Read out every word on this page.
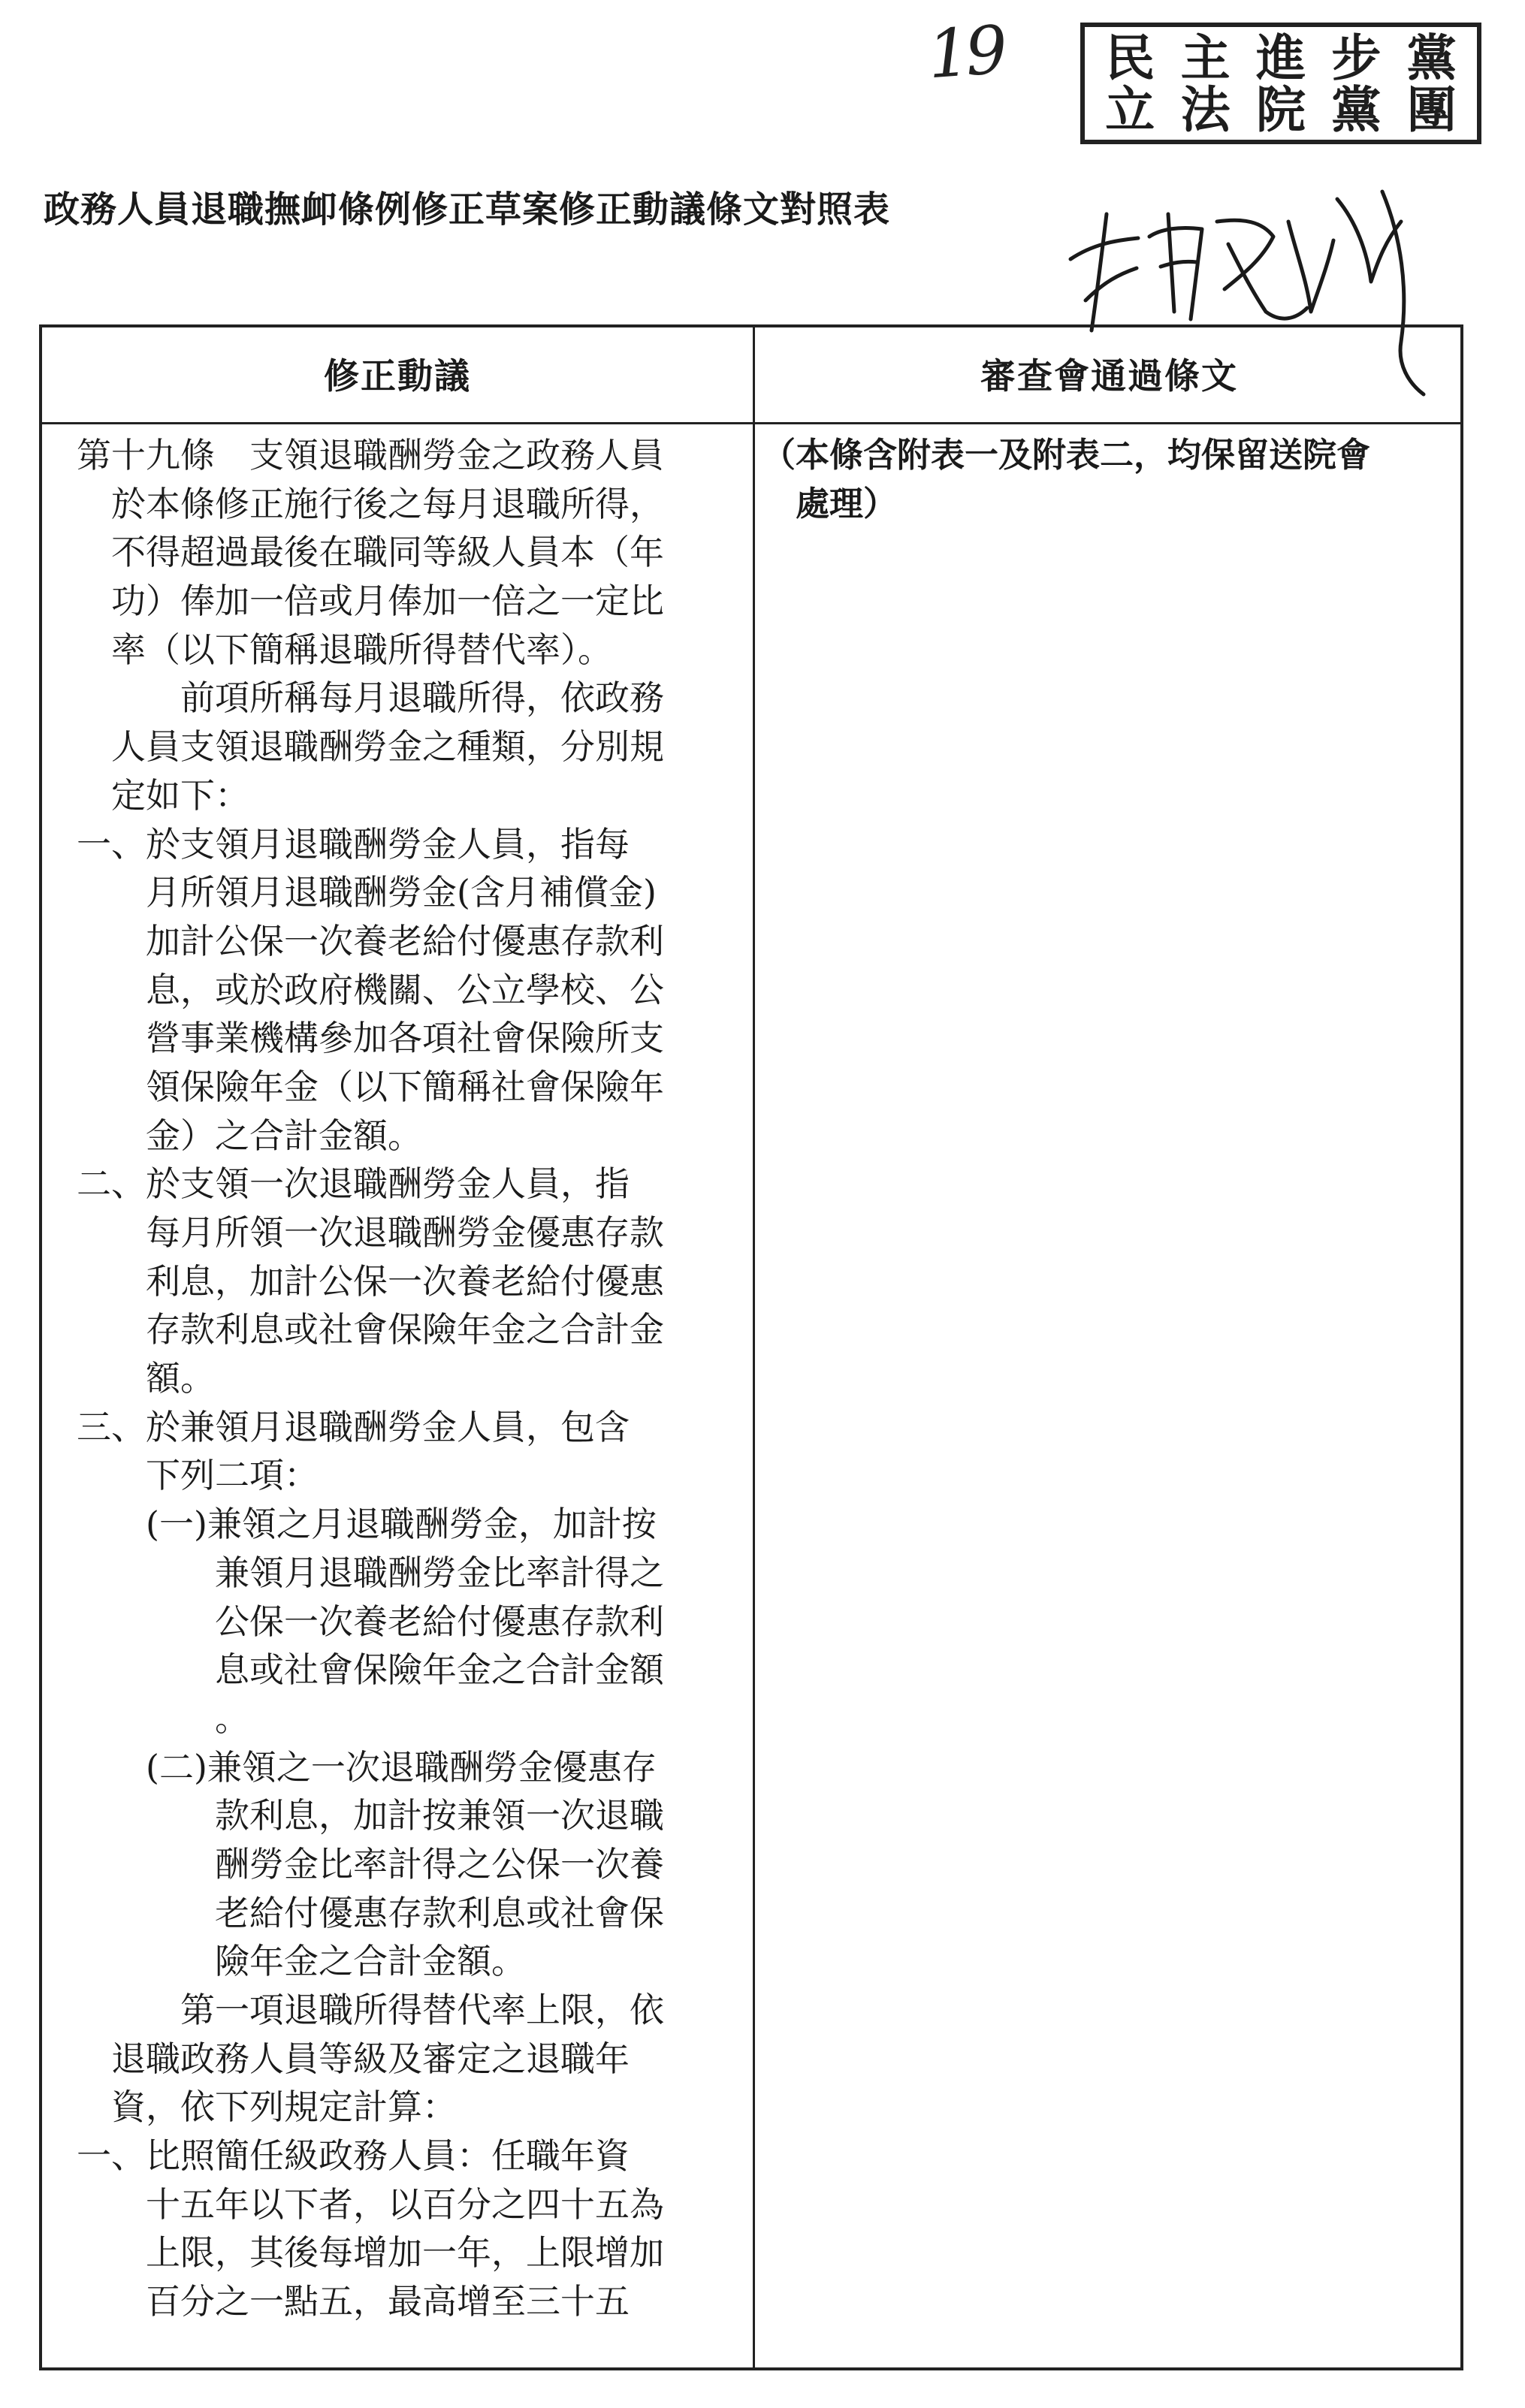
19 民 主 進 步 黨
立 法 院 黨 團
政務人員退職撫卹條例修正草案修正動議條文對照表
修正動議	審查會通過條文
第十九條　支領退職酬勞金之政務人員
於本條修正施行後之每月退職所得，
　不得超過最後在職同等級人員本（年
　功）俸加一倍或月俸加一倍之一定比
　率（以下簡稱退職所得替代率）。
　　　前項所稱每月退職所得，依政務
　人員支領退職酬勞金之種類，分別規
　定如下：
一、於支領月退職酬勞金人員，指每
　　月所領月退職酬勞金(含月補償金)
　　加計公保一次養老給付優惠存款利
　　息，或於政府機關、公立學校、公
　　營事業機構參加各項社會保險所支
　　領保險年金（以下簡稱社會保險年
　　金）之合計金額。
二、於支領一次退職酬勞金人員，指
　　每月所領一次退職酬勞金優惠存款
　　利息，加計公保一次養老給付優惠
　　存款利息或社會保險年金之合計金
　　額。
三、於兼領月退職酬勞金人員，包含
　　下列二項：
　　(一)兼領之月退職酬勞金，加計按
　　　　兼領月退職酬勞金比率計得之
　　　　公保一次養老給付優惠存款利
　　　　息或社會保險年金之合計金額
　　　　。
　　(二)兼領之一次退職酬勞金優惠存
　　　　款利息，加計按兼領一次退職
　　　　酬勞金比率計得之公保一次養
　　　　老給付優惠存款利息或社會保
　　　　險年金之合計金額。
　　　第一項退職所得替代率上限，依
　退職政務人員等級及審定之退職年
　資，依下列規定計算：
一、比照簡任級政務人員：任職年資
　　十五年以下者，以百分之四十五為
　　上限，其後每增加一年，上限增加
　　百分之一點五，最高增至三十五
（本條含附表一及附表二，均保留送院會
　處理）
